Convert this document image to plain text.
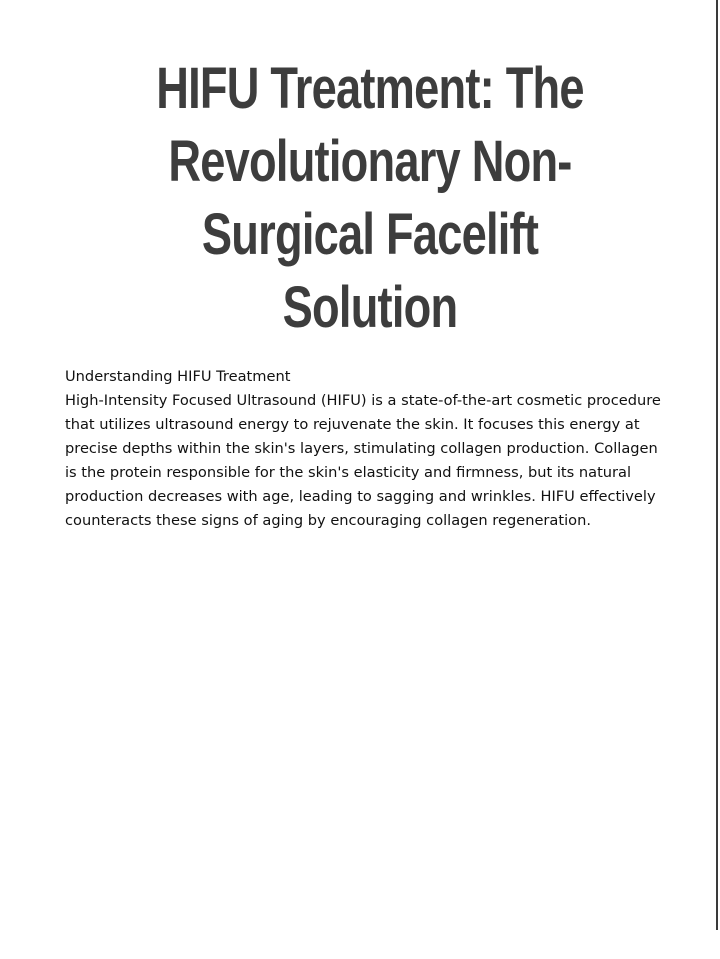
HIFU Treatment: The Revolutionary Non-Surgical Facelift Solution

Understanding HIFU Treatment

High-Intensity Focused Ultrasound (HIFU) is a state-of-the-art cosmetic procedure that utilizes ultrasound energy to rejuvenate the skin. It focuses this energy at precise depths within the skin's layers, stimulating collagen production. Collagen is the protein responsible for the skin's elasticity and firmness, but its natural production decreases with age, leading to sagging and wrinkles. HIFU effectively counteracts these signs of aging by encouraging collagen regeneration.
